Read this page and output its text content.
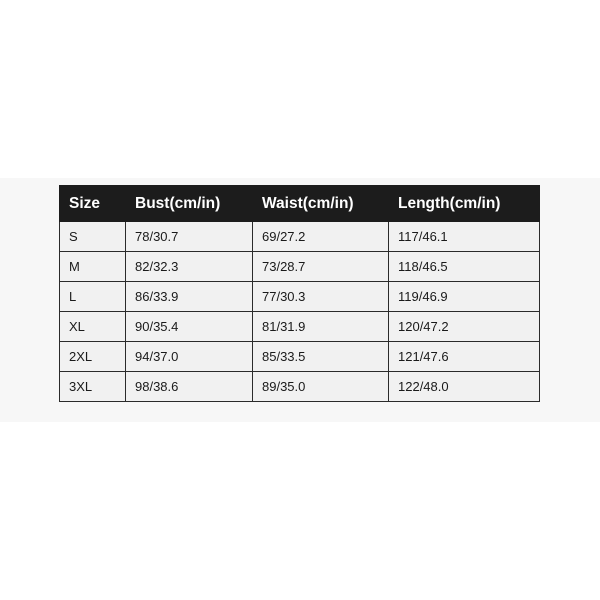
Size	Bust(cm/in)	Waist(cm/in)	Length(cm/in)
S	78/30.7	69/27.2	117/46.1
M	82/32.3	73/28.7	118/46.5
L	86/33.9	77/30.3	119/46.9
XL	90/35.4	81/31.9	120/47.2
2XL	94/37.0	85/33.5	121/47.6
3XL	98/38.6	89/35.0	122/48.0
